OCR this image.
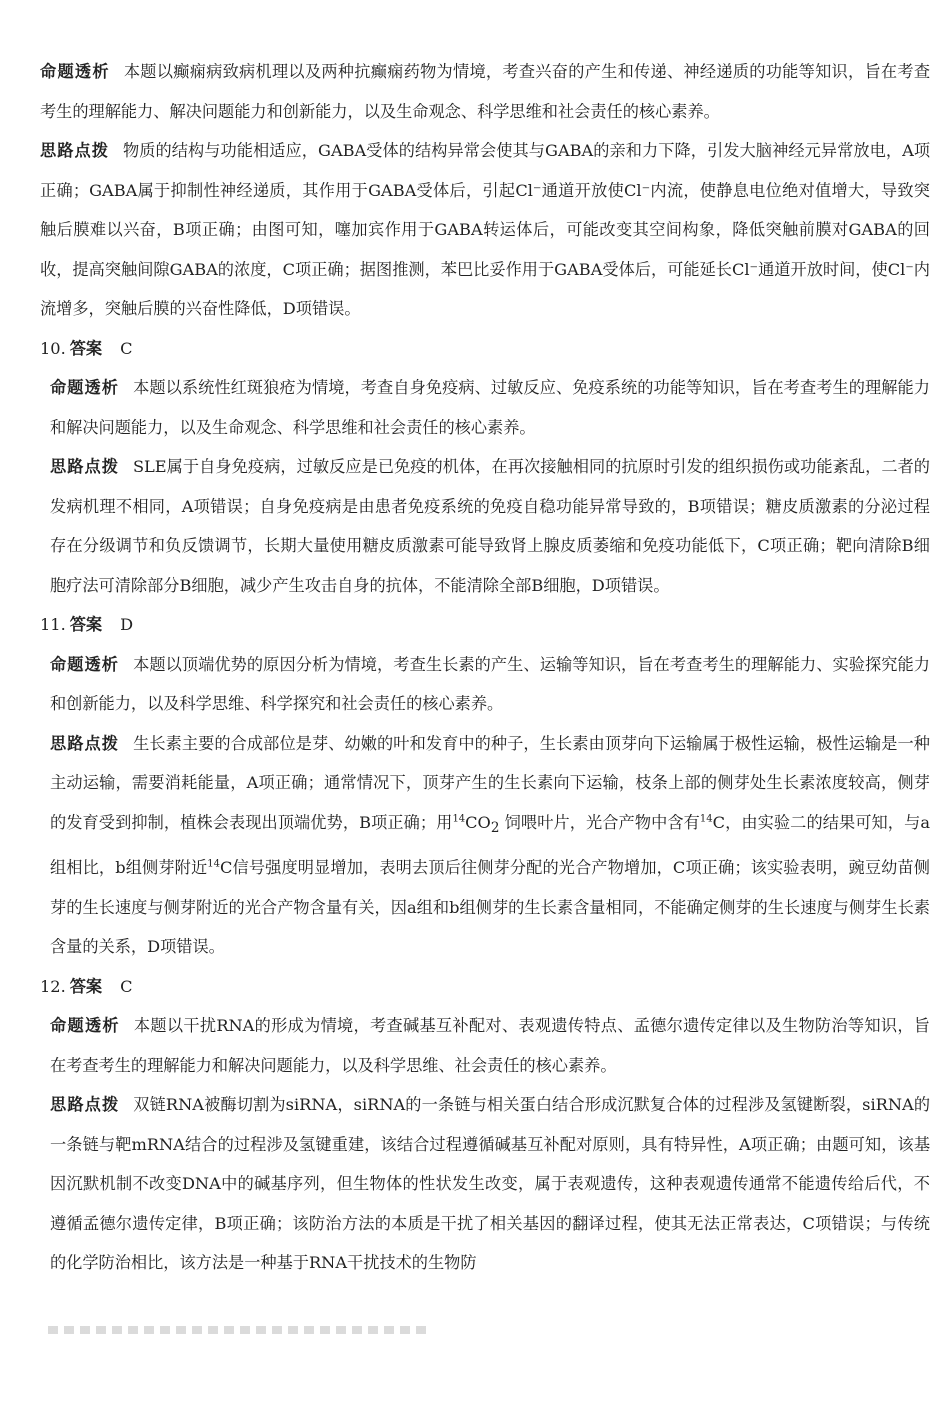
命题透析 本题以癫痫病致病机理以及两种抗癫痫药物为情境，考查兴奋的产生和传递、神经递质的功能等知识，旨在考查考生的理解能力、解决问题能力和创新能力，以及生命观念、科学思维和社会责任的核心素养。

思路点拨 物质的结构与功能相适应，GABA受体的结构异常会使其与GABA的亲和力下降，引发大脑神经元异常放电，A项正确；GABA属于抑制性神经递质，其作用于GABA受体后，引起Cl⁻通道开放使Cl⁻内流，使静息电位绝对值增大，导致突触后膜难以兴奋，B项正确；由图可知，噻加宾作用于GABA转运体后，可能改变其空间构象，降低突触前膜对GABA的回收，提高突触间隙GABA的浓度，C项正确；据图推测，苯巴比妥作用于GABA受体后，可能延长Cl⁻通道开放时间，使Cl⁻内流增多，突触后膜的兴奋性降低，D项错误。

10. 答案 C

命题透析 本题以系统性红斑狼疮为情境，考查自身免疫病、过敏反应、免疫系统的功能等知识，旨在考查考生的理解能力和解决问题能力，以及生命观念、科学思维和社会责任的核心素养。

思路点拨 SLE属于自身免疫病，过敏反应是已免疫的机体，在再次接触相同的抗原时引发的组织损伤或功能紊乱，二者的发病机理不相同，A项错误；自身免疫病是由患者免疫系统的免疫自稳功能异常导致的，B项错误；糖皮质激素的分泌过程存在分级调节和负反馈调节，长期大量使用糖皮质激素可能导致肾上腺皮质萎缩和免疫功能低下，C项正确；靶向清除B细胞疗法可清除部分B细胞，减少产生攻击自身的抗体，不能清除全部B细胞，D项错误。

11. 答案 D

命题透析 本题以顶端优势的原因分析为情境，考查生长素的产生、运输等知识，旨在考查考生的理解能力、实验探究能力和创新能力，以及科学思维、科学探究和社会责任的核心素养。

思路点拨 生长素主要的合成部位是芽、幼嫩的叶和发育中的种子，生长素由顶芽向下运输属于极性运输，极性运输是一种主动运输，需要消耗能量，A项正确；通常情况下，顶芽产生的生长素向下运输，枝条上部的侧芽处生长素浓度较高，侧芽的发育受到抑制，植株会表现出顶端优势，B项正确；用$^{14}CO_2$ 饲喂叶片，光合产物中含有$^{14}$C，由实验二的结果可知，与a组相比，b组侧芽附近$^{14}$C信号强度明显增加，表明去顶后往侧芽分配的光合产物增加，C项正确；该实验表明，豌豆幼苗侧芽的生长速度与侧芽附近的光合产物含量有关，因a组和b组侧芽的生长素含量相同，不能确定侧芽的生长速度与侧芽生长素含量的关系，D项错误。

12. 答案 C

命题透析 本题以干扰RNA的形成为情境，考查碱基互补配对、表观遗传特点、孟德尔遗传定律以及生物防治等知识，旨在考查考生的理解能力和解决问题能力，以及科学思维、社会责任的核心素养。

思路点拨 双链RNA被酶切割为siRNA，siRNA的一条链与相关蛋白结合形成沉默复合体的过程涉及氢键断裂，siRNA的一条链与靶mRNA结合的过程涉及氢键重建，该结合过程遵循碱基互补配对原则，具有特异性，A项正确；由题可知，该基因沉默机制不改变DNA中的碱基序列，但生物体的性状发生改变，属于表观遗传，这种表观遗传通常不能遗传给后代，不遵循孟德尔遗传定律，B项正确；该防治方法的本质是干扰了相关基因的翻译过程，使其无法正常表达，C项错误；与传统的化学防治相比，该方法是一种基于RNA干扰技术的生物防
